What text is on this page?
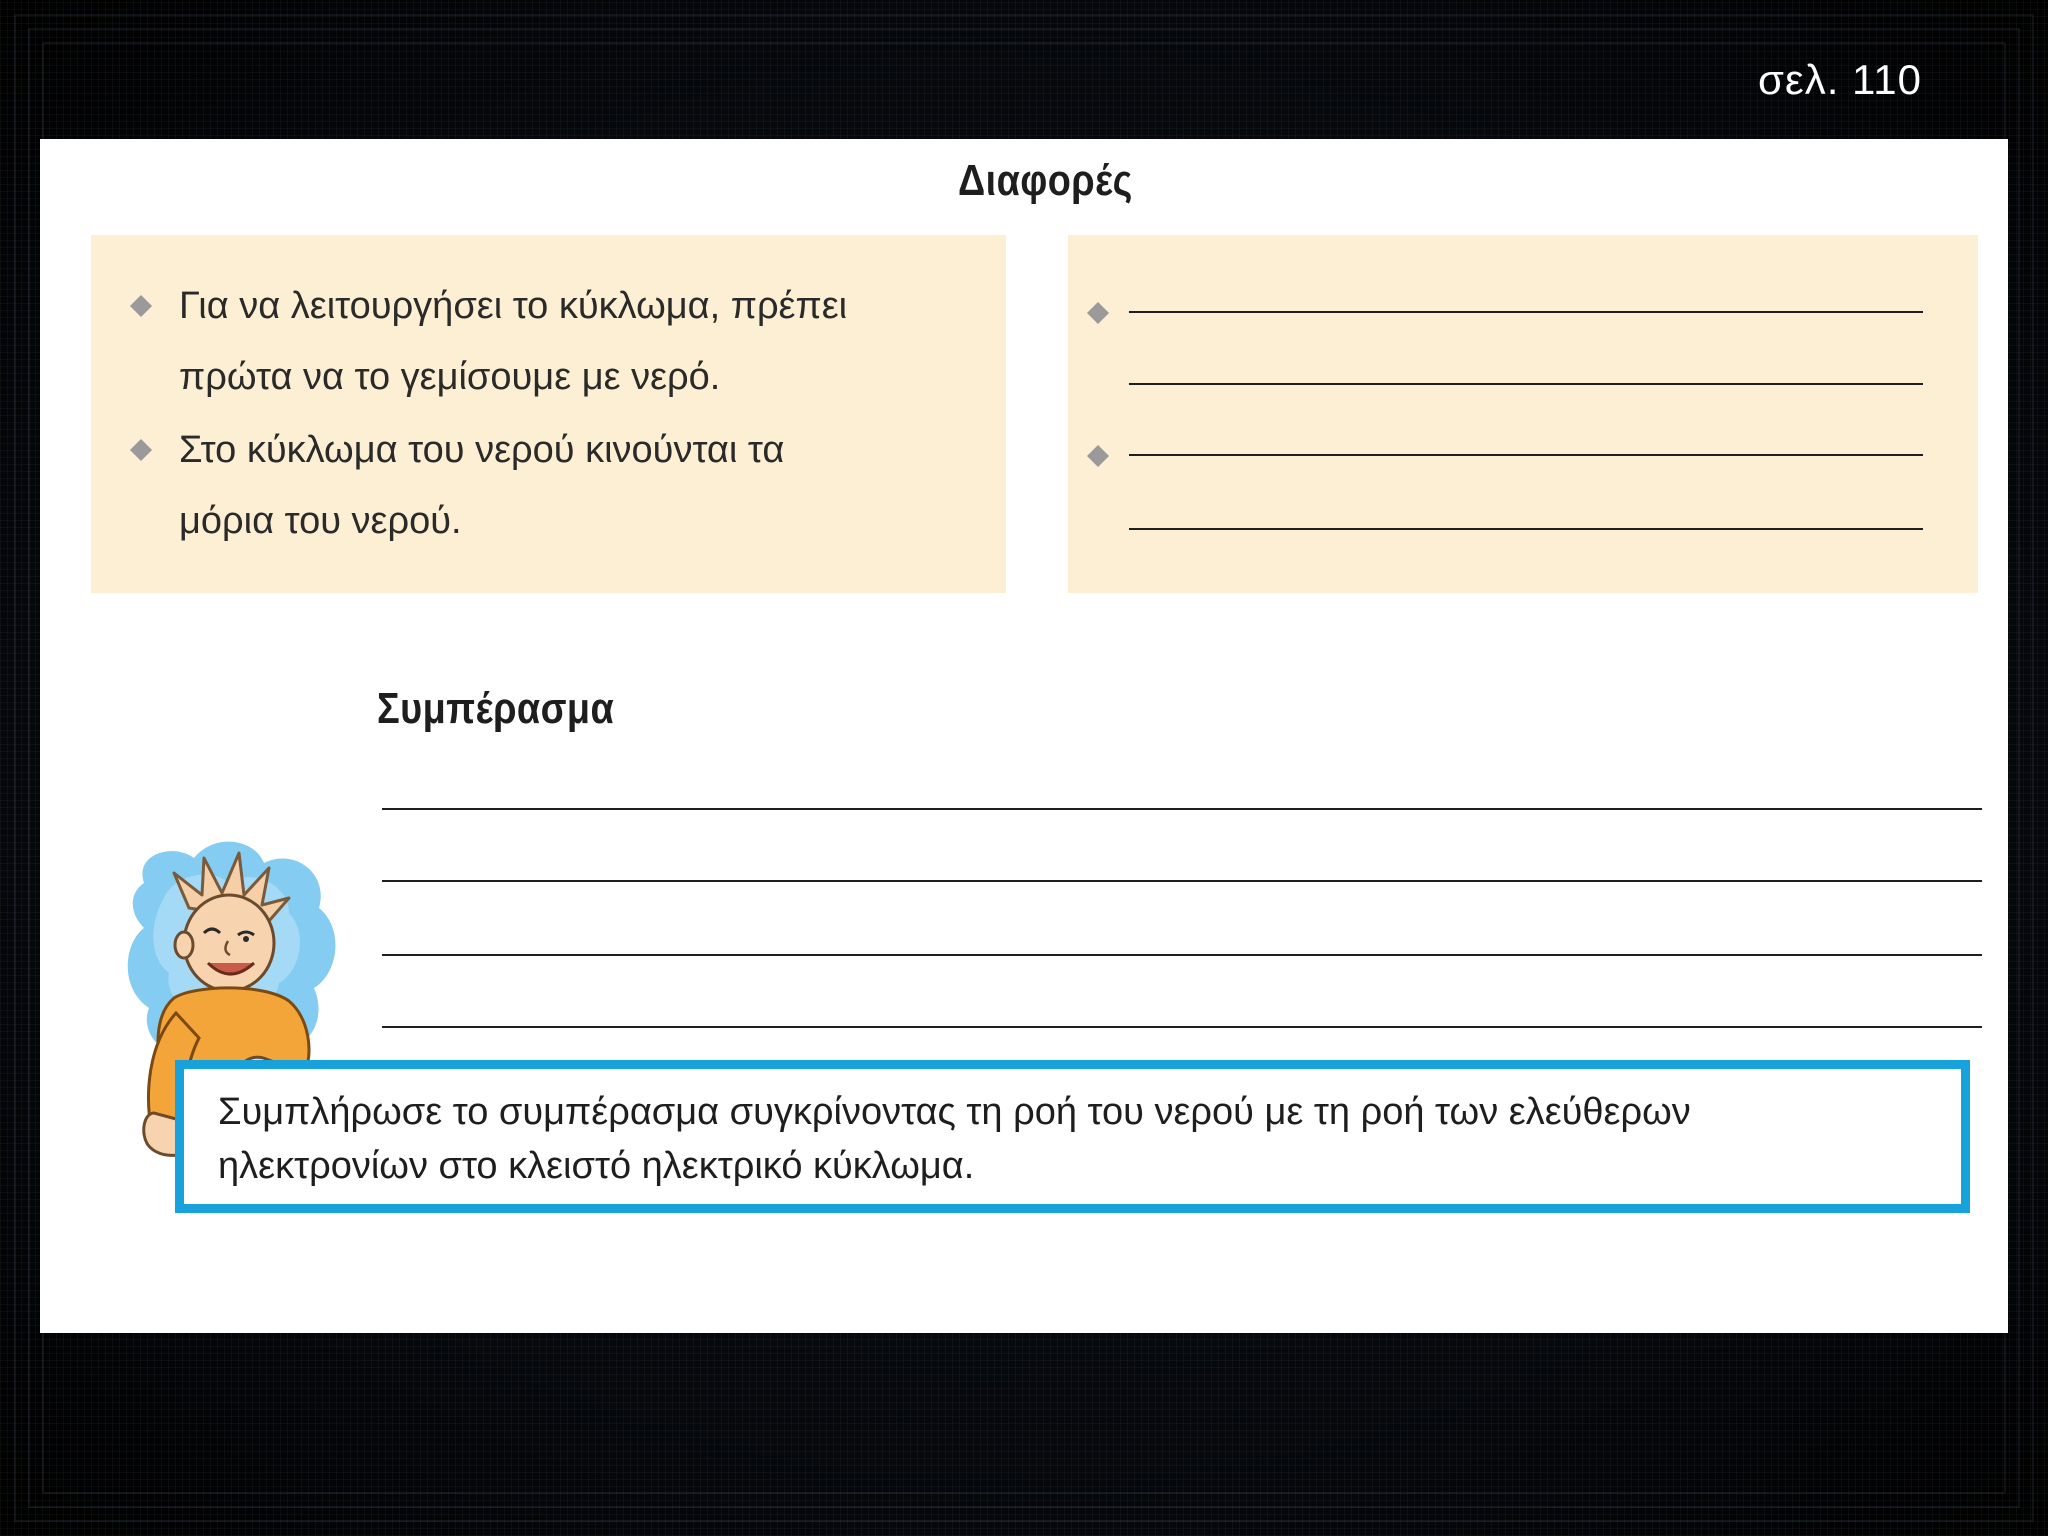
σελ. 110
Διαφορές
Για να λειτουργήσει το κύκλωμα, πρέπει
πρώτα να το γεμίσουμε με νερό.
Στο κύκλωμα του νερού κινούνται τα
μόρια του νερού.
Συμπέρασμα
Συμπλήρωσε το συμπέρασμα συγκρίνοντας τη ροή του νερού με τη ροή των ελεύθερων
ηλεκτρονίων στο κλειστό ηλεκτρικό κύκλωμα.
